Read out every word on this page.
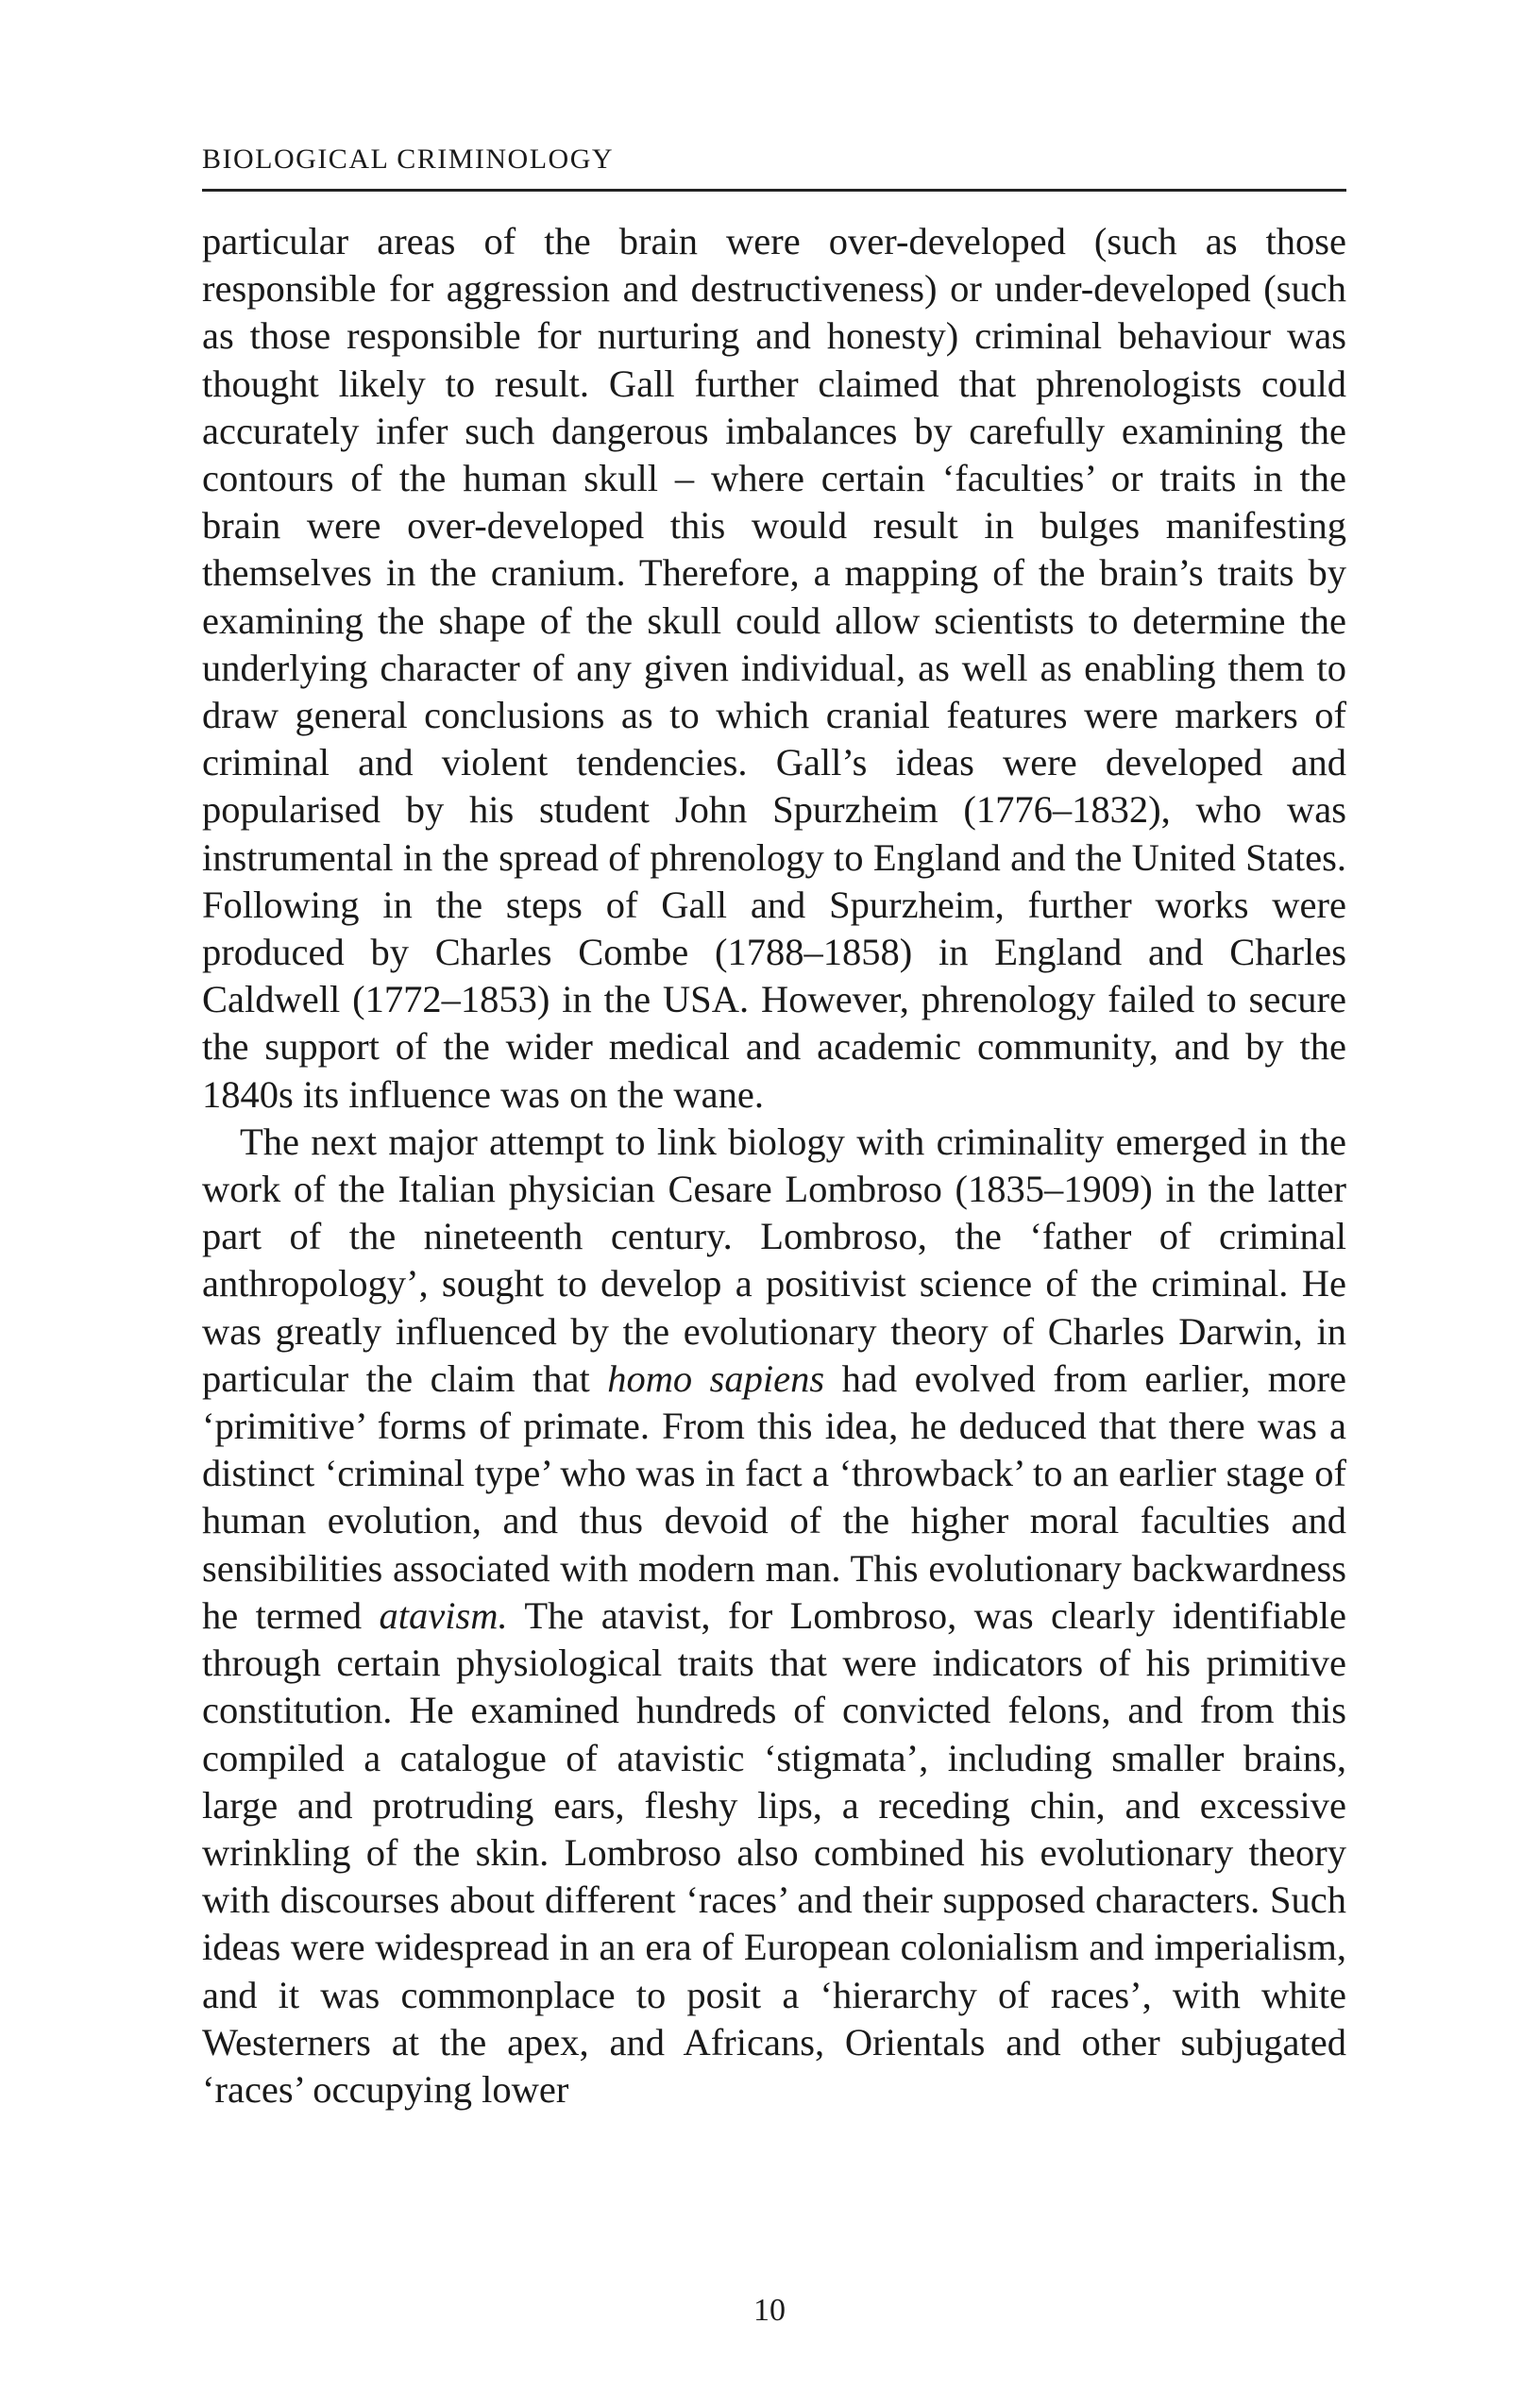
BIOLOGICAL CRIMINOLOGY

particular areas of the brain were over-developed (such as those responsible for aggression and destructiveness) or under-developed (such as those responsible for nurturing and honesty) criminal behaviour was thought likely to result. Gall further claimed that phrenologists could accurately infer such dangerous imbalances by carefully examining the contours of the human skull – where certain ‘faculties’ or traits in the brain were over-developed this would result in bulges manifesting themselves in the cranium. Therefore, a mapping of the brain’s traits by examining the shape of the skull could allow scientists to determine the underlying character of any given individual, as well as enabling them to draw general conclusions as to which cranial features were markers of criminal and violent tendencies. Gall’s ideas were developed and popularised by his student John Spurzheim (1776–1832), who was instrumental in the spread of phrenology to England and the United States. Following in the steps of Gall and Spurzheim, further works were produced by Charles Combe (1788–1858) in England and Charles Caldwell (1772–1853) in the USA. However, phrenology failed to secure the support of the wider medical and academic community, and by the 1840s its influence was on the wane.

The next major attempt to link biology with criminality emerged in the work of the Italian physician Cesare Lombroso (1835–1909) in the latter part of the nineteenth century. Lombroso, the ‘father of criminal anthropology’, sought to develop a positivist science of the criminal. He was greatly influenced by the evolutionary theory of Charles Darwin, in particular the claim that homo sapiens had evolved from earlier, more ‘primitive’ forms of primate. From this idea, he deduced that there was a distinct ‘criminal type’ who was in fact a ‘throwback’ to an earlier stage of human evolution, and thus devoid of the higher moral faculties and sensibilities associated with modern man. This evolutionary backwardness he termed atavism. The atavist, for Lombroso, was clearly identifiable through certain physiological traits that were indicators of his primitive constitution. He examined hundreds of convicted felons, and from this compiled a catalogue of atavistic ‘stigmata’, including smaller brains, large and protruding ears, fleshy lips, a receding chin, and excessive wrinkling of the skin. Lombroso also combined his evolutionary theory with discourses about different ‘races’ and their supposed characters. Such ideas were widespread in an era of European colonialism and imperialism, and it was commonplace to posit a ‘hierarchy of races’, with white Westerners at the apex, and Africans, Orientals and other subjugated ‘races’ occupying lower

10
